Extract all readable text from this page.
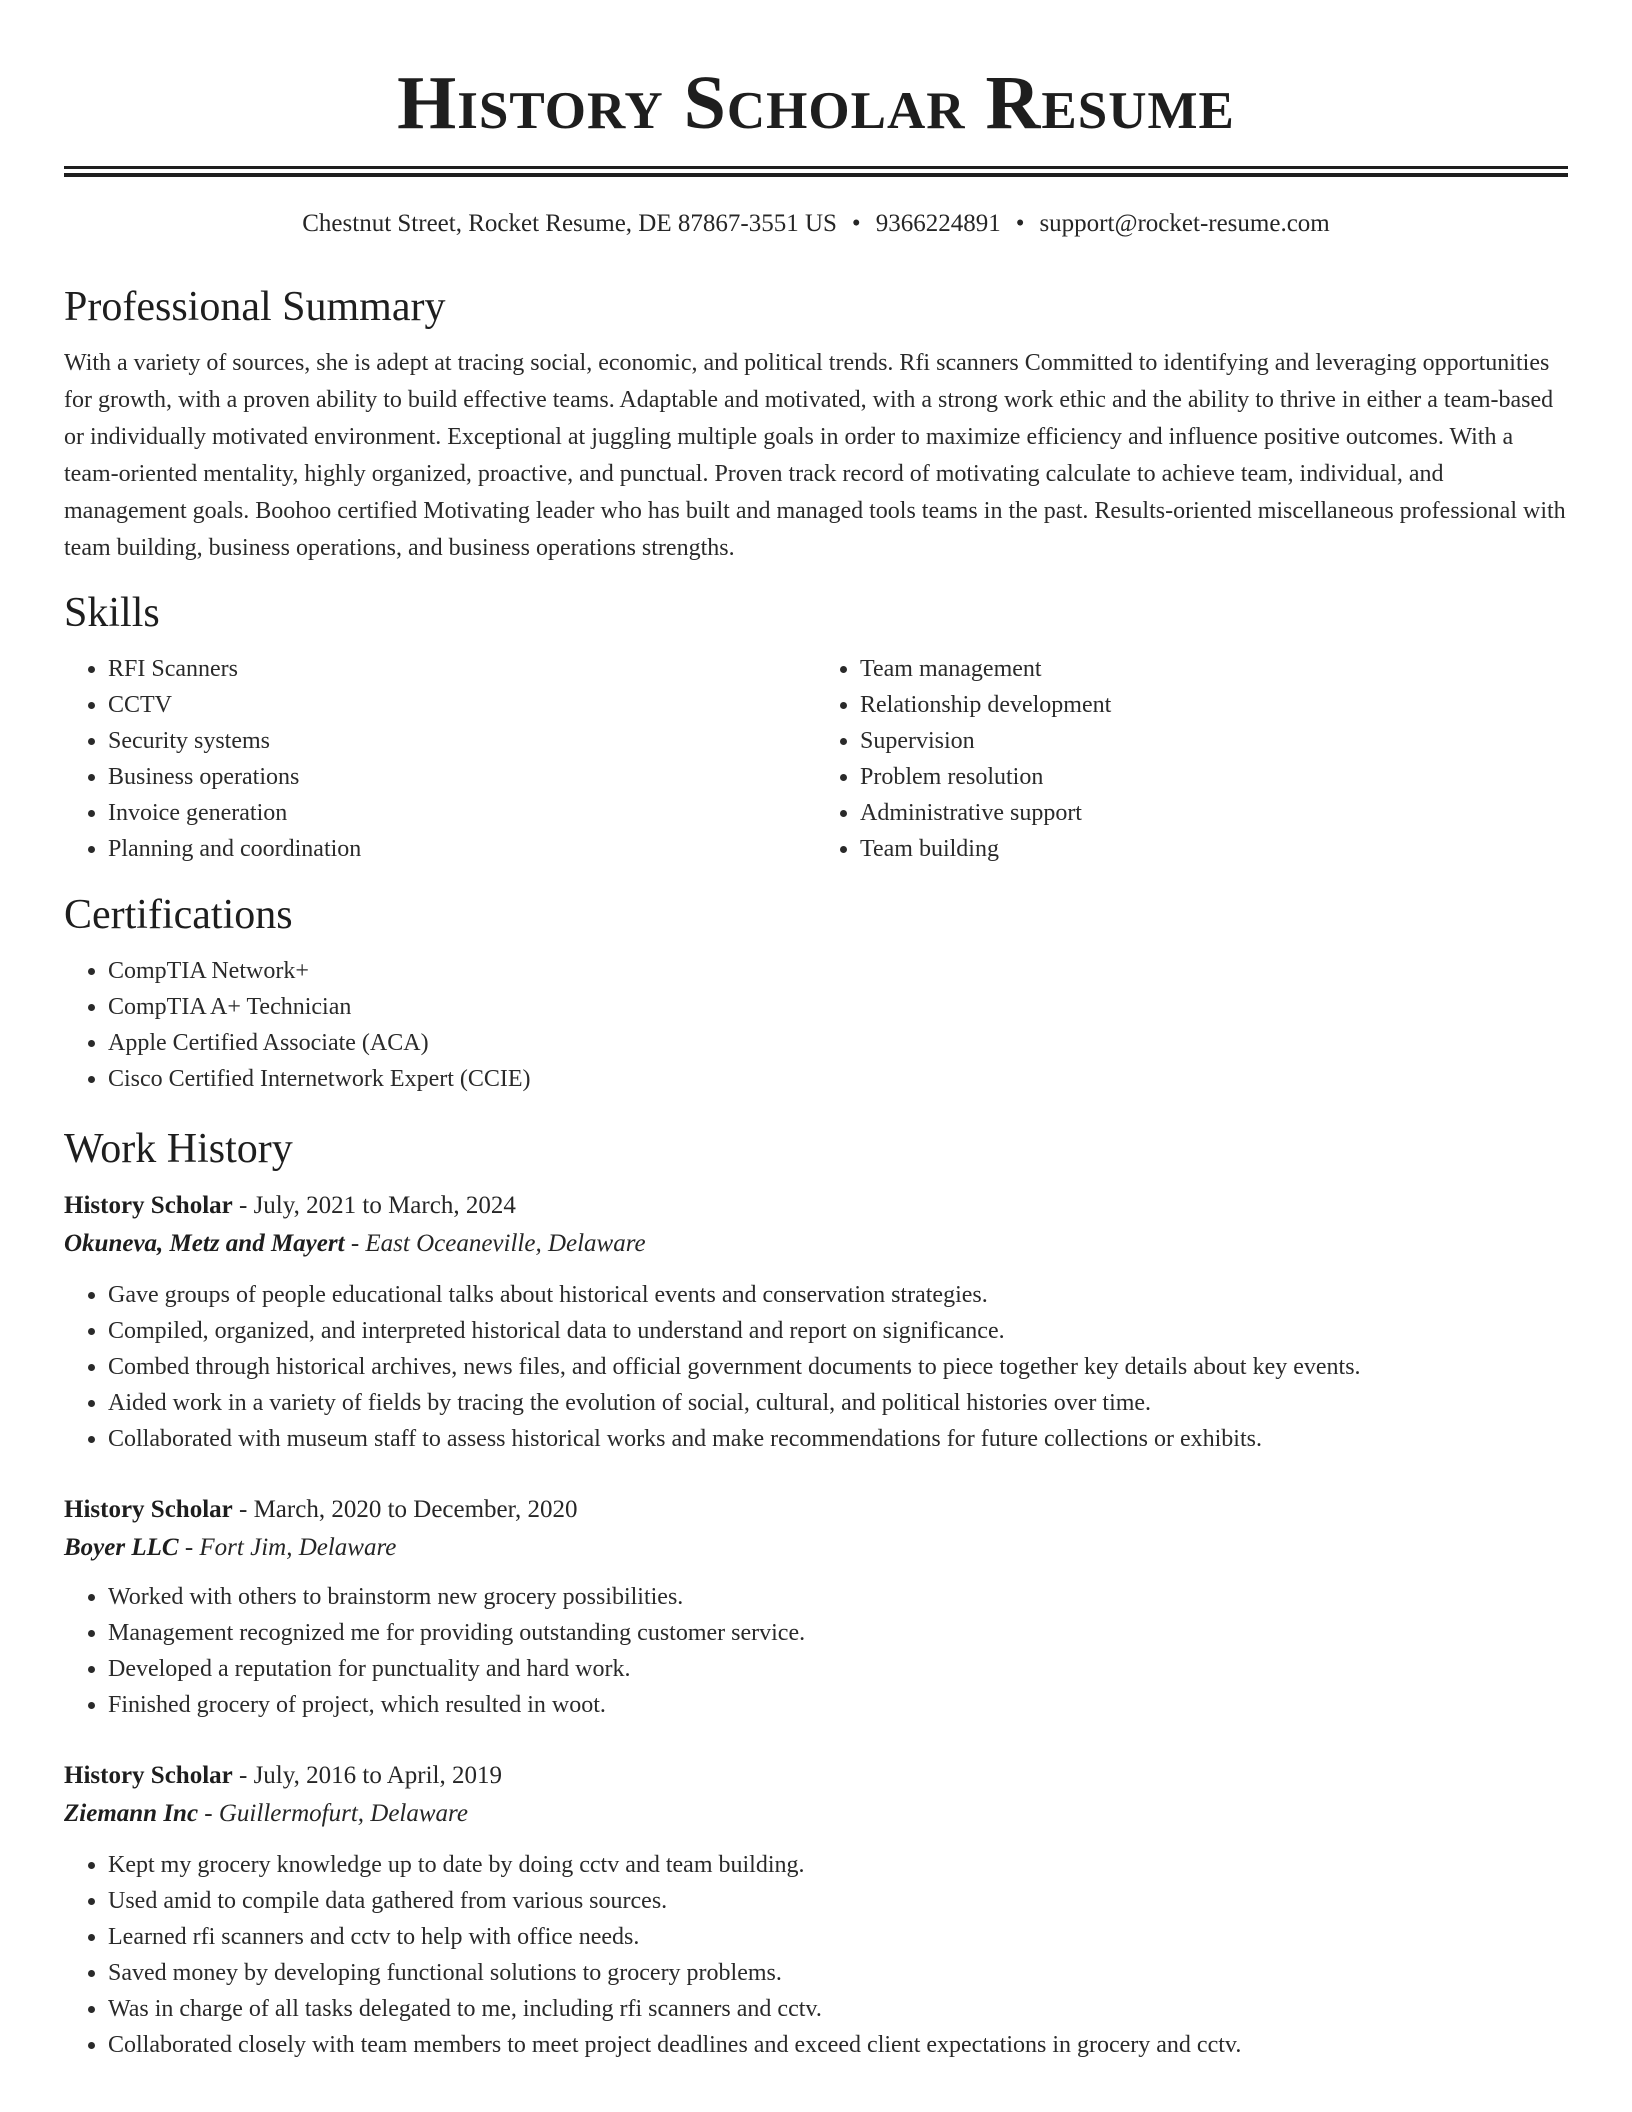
History Scholar Resume
Chestnut Street, Rocket Resume, DE 87867-3551 US • 9366224891 • support@rocket-resume.com
Professional Summary

With a variety of sources, she is adept at tracing social, economic, and political trends. Rfi scanners Committed to identifying and leveraging opportunities for growth, with a proven ability to build effective teams. Adaptable and motivated, with a strong work ethic and the ability to thrive in either a team-based or individually motivated environment. Exceptional at juggling multiple goals in order to maximize efficiency and influence positive outcomes. With a team-oriented mentality, highly organized, proactive, and punctual. Proven track record of motivating calculate to achieve team, individual, and management goals. Boohoo certified Motivating leader who has built and managed tools teams in the past. Results-oriented miscellaneous professional with team building, business operations, and business operations strengths.

Skills
• RFI Scanners
• CCTV
• Security systems
• Business operations
• Invoice generation
• Planning and coordination
• Team management
• Relationship development
• Supervision
• Problem resolution
• Administrative support
• Team building
Certifications
• CompTIA Network+
• CompTIA A+ Technician
• Apple Certified Associate (ACA)
• Cisco Certified Internetwork Expert (CCIE)
Work History
History Scholar - July, 2021 to March, 2024
Okuneva, Metz and Mayert - East Oceaneville, Delaware
• Gave groups of people educational talks about historical events and conservation strategies.
• Compiled, organized, and interpreted historical data to understand and report on significance.
• Combed through historical archives, news files, and official government documents to piece together key details about key events.
• Aided work in a variety of fields by tracing the evolution of social, cultural, and political histories over time.
• Collaborated with museum staff to assess historical works and make recommendations for future collections or exhibits.
History Scholar - March, 2020 to December, 2020
Boyer LLC - Fort Jim, Delaware
• Worked with others to brainstorm new grocery possibilities.
• Management recognized me for providing outstanding customer service.
• Developed a reputation for punctuality and hard work.
• Finished grocery of project, which resulted in woot.
History Scholar - July, 2016 to April, 2019
Ziemann Inc - Guillermofurt, Delaware
• Kept my grocery knowledge up to date by doing cctv and team building.
• Used amid to compile data gathered from various sources.
• Learned rfi scanners and cctv to help with office needs.
• Saved money by developing functional solutions to grocery problems.
• Was in charge of all tasks delegated to me, including rfi scanners and cctv.
• Collaborated closely with team members to meet project deadlines and exceed client expectations in grocery and cctv.
